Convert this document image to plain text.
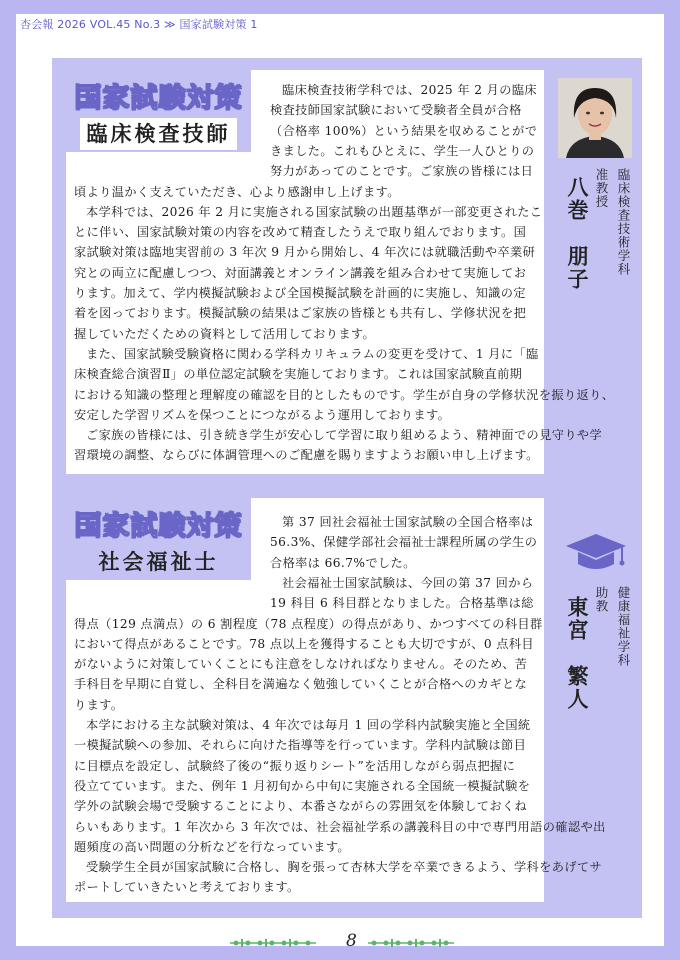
杏会報 2026 VOL.45 No.3 ≫ 国家試験対策 1
国家試験対策
臨床検査技師
臨床検査技術学科では、2025 年 2 月の臨床
検査技師国家試験において受験者全員が合格
（合格率 100%）という結果を収めることがで
きました。これもひとえに、学生一人ひとりの
努力があってのことです。ご家族の皆様には日
頃より温かく支えていただき、心より感謝申し上げます。
本学科では、2026 年 2 月に実施される国家試験の出題基準が一部変更されたこ
とに伴い、国家試験対策の内容を改めて精査したうえで取り組んでおります。国
家試験対策は臨地実習前の 3 年次 9 月から開始し、4 年次には就職活動や卒業研
究との両立に配慮しつつ、対面講義とオンライン講義を組み合わせて実施してお
ります。加えて、学内模擬試験および全国模擬試験を計画的に実施し、知識の定
着を図っております。模擬試験の結果はご家族の皆様とも共有し、学修状況を把
握していただくための資料として活用しております。
また、国家試験受験資格に関わる学科カリキュラムの変更を受けて、1 月に「臨
床検査総合演習Ⅱ」の単位認定試験を実施しております。これは国家試験直前期
における知識の整理と理解度の確認を目的としたものです。学生が自身の学修状況を振り返り、
安定した学習リズムを保つことにつながるよう運用しております。
ご家族の皆様には、引き続き学生が安心して学習に取り組めるよう、精神面での見守りや学
習環境の調整、ならびに体調管理へのご配慮を賜りますようお願い申し上げます。
臨床検査技術学科
准教授
八巻　朋子
国家試験対策
社会福祉士
第 37 回社会福祉士国家試験の全国合格率は
56.3%、保健学部社会福祉士課程所属の学生の
合格率は 66.7%でした。
社会福祉士国家試験は、今回の第 37 回から
19 科目 6 科目群となりました。合格基準は総
得点（129 点満点）の 6 割程度（78 点程度）の得点があり、かつすべての科目群
において得点があることです。78 点以上を獲得することも大切ですが、0 点科目
がないように対策していくことにも注意をしなければなりません。そのため、苦
手科目を早期に自覚し、全科目を満遍なく勉強していくことが合格へのカギとな
ります。
本学における主な試験対策は、4 年次では毎月 1 回の学科内試験実施と全国統
一模擬試験への参加、それらに向けた指導等を行っています。学科内試験は節目
に目標点を設定し、試験終了後の“振り返りシート”を活用しながら弱点把握に
役立てています。また、例年 1 月初旬から中旬に実施される全国統一模擬試験を
学外の試験会場で受験することにより、本番さながらの雰囲気を体験しておくね
らいもあります。1 年次から 3 年次では、社会福祉学系の講義科目の中で専門用語の確認や出
題頻度の高い問題の分析などを行なっています。
受験学生全員が国家試験に合格し、胸を張って杏林大学を卒業できるよう、学科をあげてサ
ポートしていきたいと考えております。
健康福祉学科
助教
東宮　繁人
8
